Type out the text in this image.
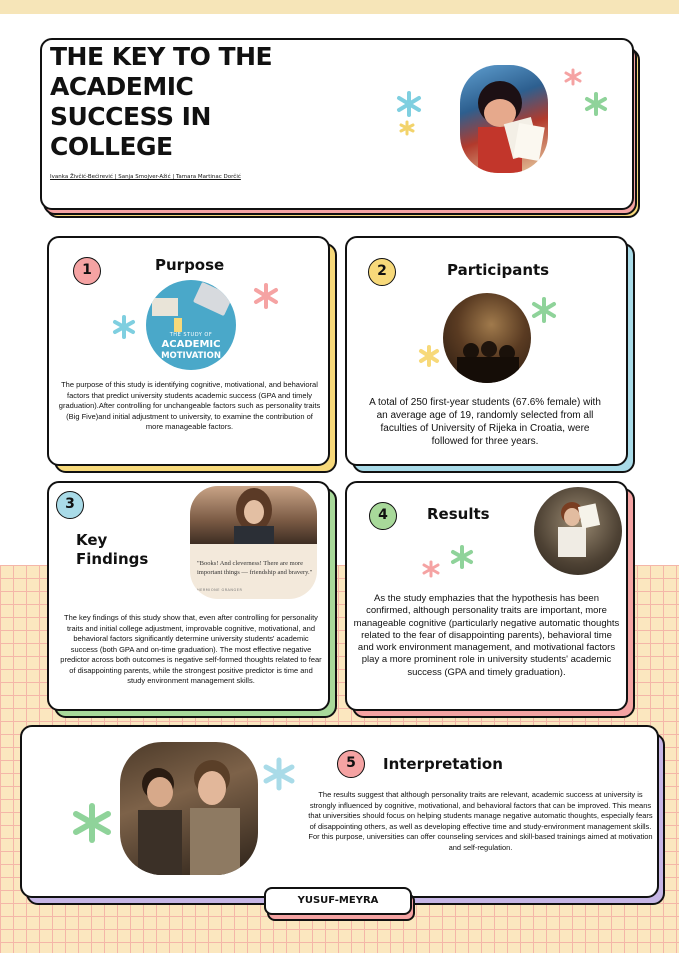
THE KEY TO THE ACADEMIC SUCCESS IN COLLEGE
Ivanka Živčić-Bećirević | Sanja Smojver-Ažić | Tamara Martinac Dorčić
1	Purpose
THE STUDY OF
ACADEMIC
MOTIVATION
The purpose of this study is identifying cognitive, motivational, and behavioral factors that predict university students academic success (GPA and timely graduation).After controlling for unchangeable factors such as personality traits (Big Five)and initial adjustment to university, to examine the contribution of more manageable factors.
2	Participants
A total of 250 first-year students (67.6% female) with an average age of 19, randomly selected from all faculties of University of Rijeka in Croatia, were followed for three years.
3
Key
Findings	"Books! And cleverness! There are more important things — friendship and bravery."
HERMIONE GRANGER
The key findings of this study show that, even after controlling for personality traits and initial college adjustment, improvable cognitive, motivational, and behavioral factors significantly determine university students' academic success (both GPA and on-time graduation). The most effective negative predictor across both outcomes is negative self-formed thoughts related to fear of disappointing parents, while the strongest positive predictor is time and study environment management skills.
4	Results
As the study emphazies that the hypothesis has been confirmed, although personality traits are important, more manageable cognitive (particularly negative automatic thoughts related to the fear of disappointing parents), behavioral time and work environment management, and motivational factors play a more prominent role in university students' academic success (GPA and timely graduation).
5	Interpretation
The results suggest that although personality traits are relevant, academic success at university is strongly influenced by cognitive, motivational, and behavioral factors that can be improved. This means that universities should focus on helping students manage negative automatic thoughts, especially fears of disappointing others, as well as developing effective time and study-environment management skills. For this purpose, universities can offer counseling services and skill-based trainings aimed at motivation and self-regulation.
YUSUF-MEYRA
